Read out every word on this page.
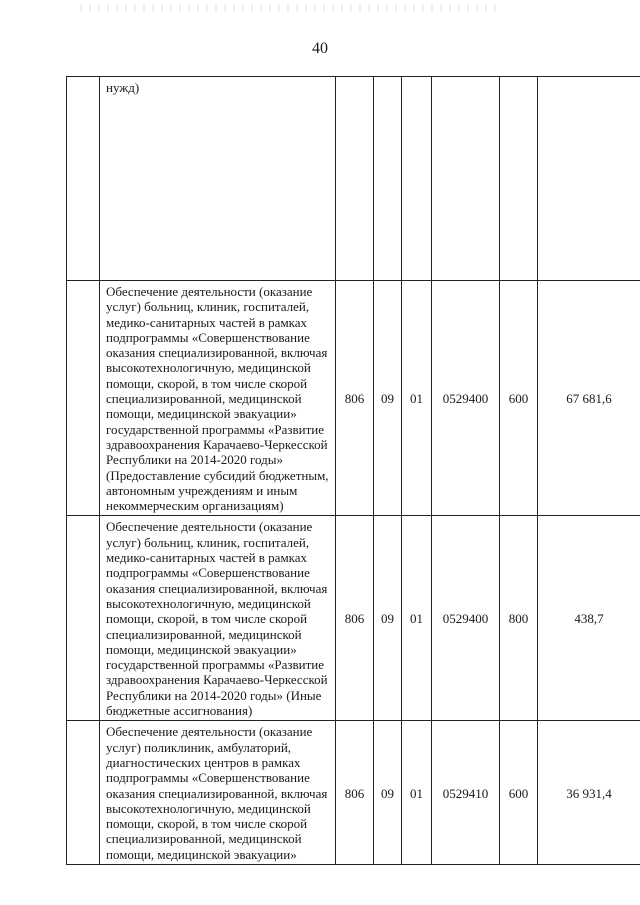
40
	нужд)						
	Обеспечение деятельности (оказание услуг) больниц, клиник, госпиталей, медико-санитарных частей в рамках подпрограммы «Совершенствование оказания специализированной, включая высокотехнологичную, медицинской помощи, скорой, в том числе скорой специализированной, медицинской помощи, медицинской эвакуации» государственной программы «Развитие здравоохранения Карачаево-Черкесской Республики на 2014-2020 годы» (Предоставление субсидий бюджетным, автономным учреждениям и иным некоммерческим организациям)	806	09	01	0529400	600	67 681,6
	Обеспечение деятельности (оказание услуг) больниц, клиник, госпиталей, медико-санитарных частей в рамках подпрограммы «Совершенствование оказания специализированной, включая высокотехнологичную, медицинской помощи, скорой, в том числе скорой специализированной, медицинской помощи, медицинской эвакуации» государственной программы «Развитие здравоохранения Карачаево-Черкесской Республики на 2014-2020 годы» (Иные бюджетные ассигнования)	806	09	01	0529400	800	438,7
	Обеспечение деятельности (оказание услуг) поликлиник, амбулаторий, диагностических центров в рамках подпрограммы «Совершенствование оказания специализированной, включая высокотехнологичную, медицинской помощи, скорой, в том числе скорой специализированной, медицинской помощи, медицинской эвакуации»	806	09	01	0529410	600	36 931,4
